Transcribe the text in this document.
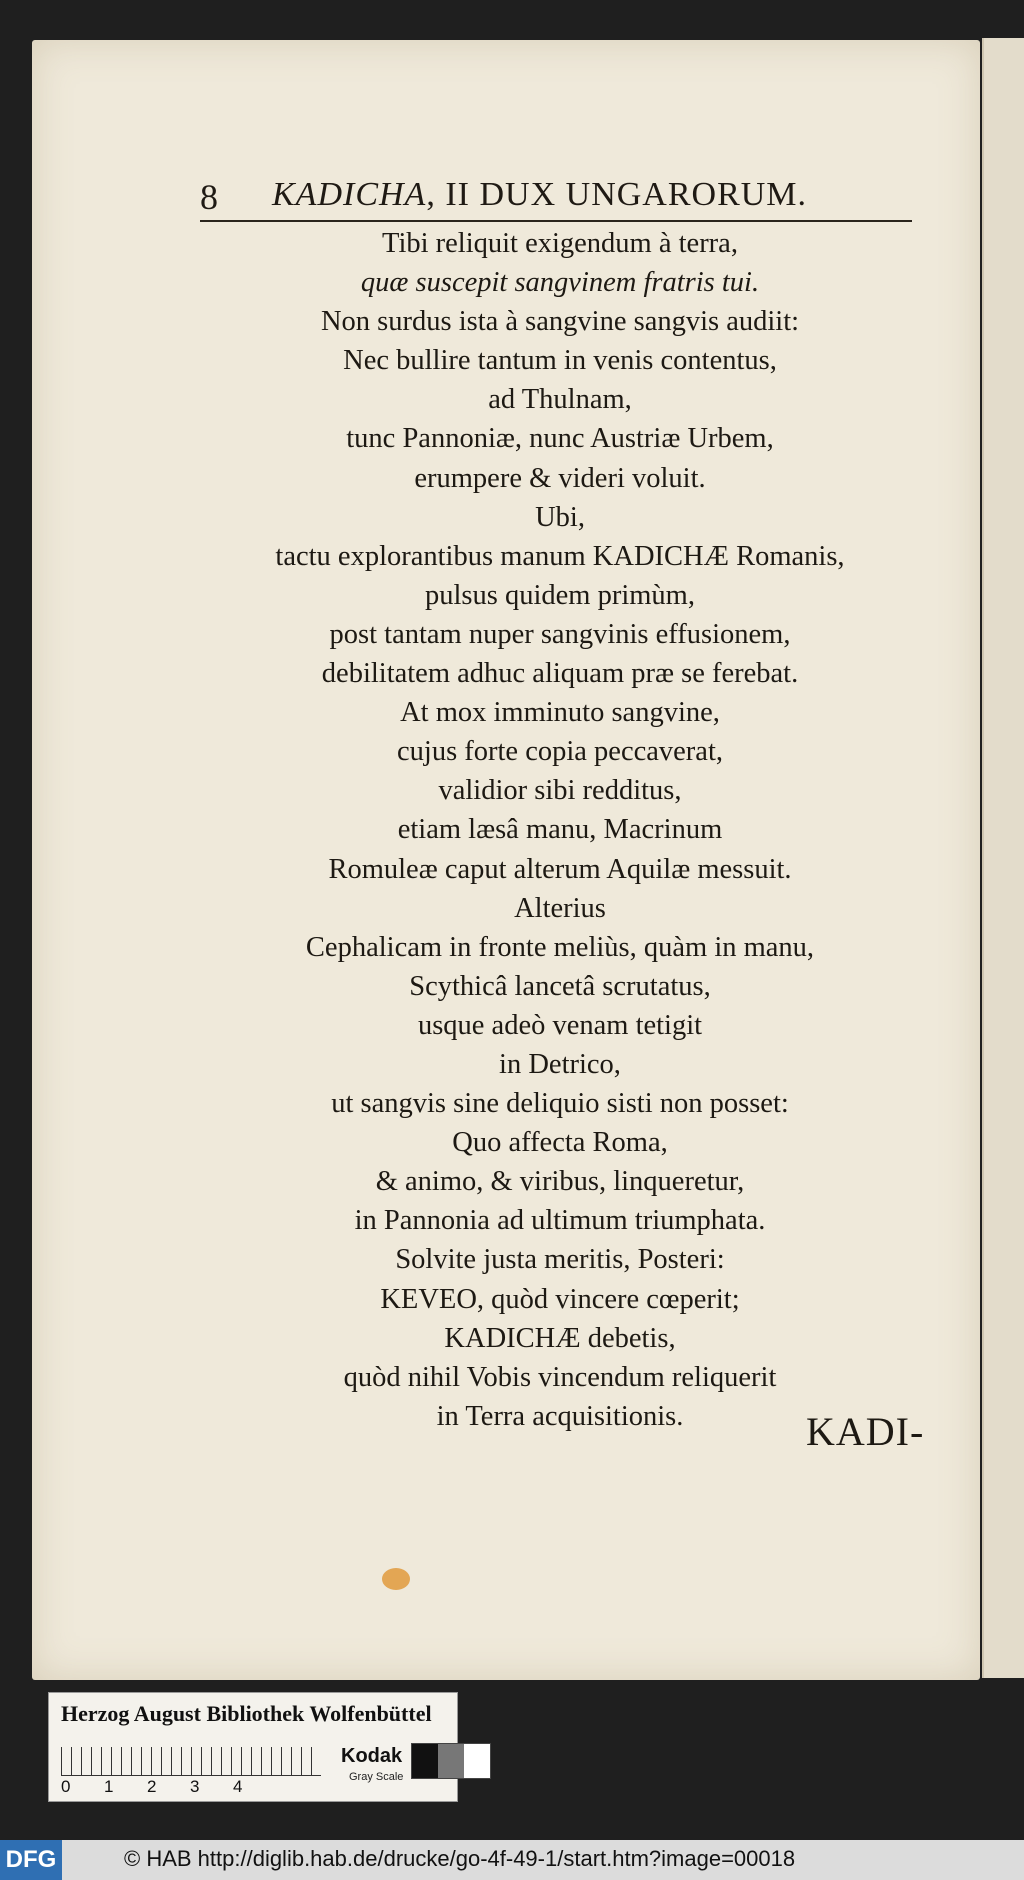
8 KADICHA, II DUX UNGARORUM.
Tibi reliquit exigendum à terra,
quæ suscepit sangvinem fratris tui.
Non surdus ista à sangvine sangvis audiit:
Nec bullire tantum in venis contentus,
ad Thulnam,
tunc Pannoniæ, nunc Austriæ Urbem,
erumpere & videri voluit.
Ubi,
tactu explorantibus manum KADICHÆ Romanis,
pulsus quidem primùm,
post tantam nuper sangvinis effusionem,
debilitatem adhuc aliquam præ se ferebat.
At mox imminuto sangvine,
cujus forte copia peccaverat,
validior sibi redditus,
etiam læsâ manu, Macrinum
Romuleæ caput alterum Aquilæ messuit.
Alterius
Cephalicam in fronte meliùs, quàm in manu,
Scythicâ lancetâ scrutatus,
usque adeò venam tetigit
in Detrico,
ut sangvis sine deliquio sisti non posset:
Quo affecta Roma,
& animo, & viribus, linqueretur,
in Pannonia ad ultimum triumphata.
Solvite justa meritis, Posteri:
KEVEO, quòd vincere cœperit;
KADICHÆ debetis,
quòd nihil Vobis vincendum reliquerit
in Terra acquisitionis.	KADI-
Herzog August Bibliothek Wolfenbüttel
0 1 2 3 4
Kodak
Gray Scale
DFG	© HAB http://diglib.hab.de/drucke/go-4f-49-1/start.htm?image=00018
